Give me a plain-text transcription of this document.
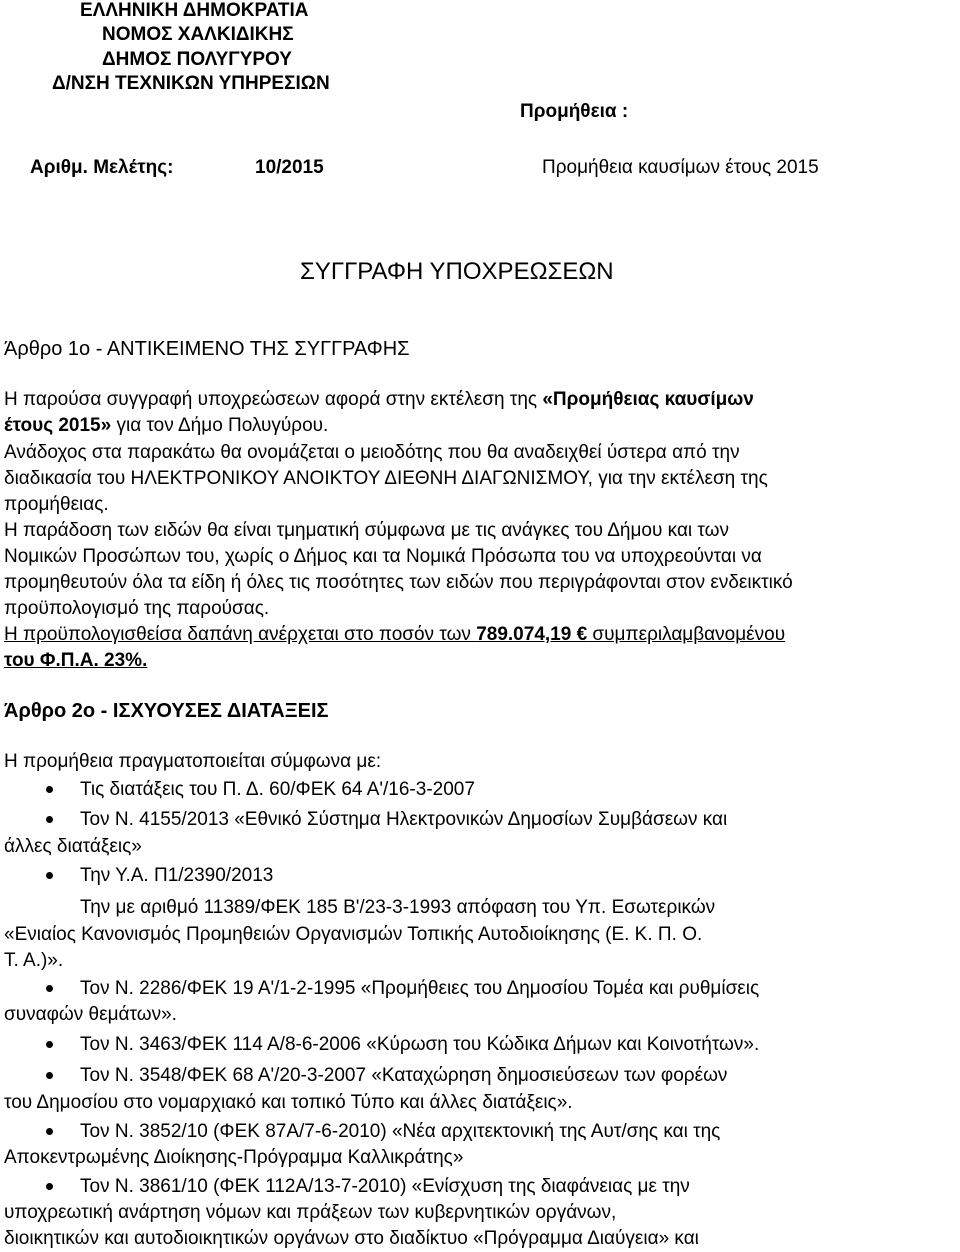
ΕΛΛΗΝΙΚΗ ΔΗΜΟΚΡΑΤΙΑ
ΝΟΜΟΣ ΧΑΛΚΙΔΙΚΗΣ
ΔΗΜΟΣ ΠΟΛΥΓΥΡΟΥ
Δ/ΝΣΗ ΤΕΧΝΙΚΩΝ ΥΠΗΡΕΣΙΩΝ
Προμήθεια :
Αριθμ. Μελέτης:	10/2015	Προμήθεια καυσίμων έτους 2015
ΣΥΓΓΡΑΦΗ ΥΠΟΧΡΕΩΣΕΩΝ
Άρθρο 1ο - ΑΝΤΙΚΕΙΜΕΝΟ ΤΗΣ ΣΥΓΓΡΑΦΗΣ
Η παρούσα συγγραφή υποχρεώσεων αφορά στην εκτέλεση της «Προμήθειας καυσίμων
έτους 2015» για τον Δήμο Πολυγύρου.
Ανάδοχος στα παρακάτω θα ονομάζεται ο μειοδότης που θα αναδειχθεί ύστερα από την
διαδικασία του ΗΛΕΚΤΡΟΝΙΚΟΥ ΑΝΟΙΚΤΟΥ ΔΙΕΘΝΗ ΔΙΑΓΩΝΙΣΜΟΥ, για την εκτέλεση της
προμήθειας.
Η παράδοση των ειδών θα είναι τμηματική σύμφωνα με τις ανάγκες του Δήμου και των
Νομικών Προσώπων του, χωρίς ο Δήμος και τα Νομικά Πρόσωπα του να υποχρεούνται να
προμηθευτούν όλα τα είδη ή όλες τις ποσότητες των ειδών που περιγράφονται στον ενδεικτικό
προϋπολογισμό της παρούσας.
Η προϋπολογισθείσα δαπάνη ανέρχεται στο ποσόν των 789.074,19 € συμπεριλαμβανομένου
του Φ.Π.Α. 23%.
Άρθρο 2ο - ΙΣΧΥΟΥΣΕΣ ΔΙΑΤΑΞΕΙΣ
Η προμήθεια πραγματοποιείται σύμφωνα με:
Τις διατάξεις του Π. Δ. 60/ΦΕΚ 64 Α'/16-3-2007
Τον Ν. 4155/2013 «Εθνικό Σύστημα Ηλεκτρονικών Δημοσίων Συμβάσεων και
άλλες διατάξεις»
Την Υ.Α. Π1/2390/2013
Την με αριθμό 11389/ΦΕΚ 185 Β'/23-3-1993 απόφαση του Υπ. Εσωτερικών
«Ενιαίος Κανονισμός Προμηθειών Οργανισμών Τοπικής Αυτοδιοίκησης (Ε. Κ. Π. Ο.
Τ. Α.)».
Τον Ν. 2286/ΦΕΚ 19 Α'/1-2-1995 «Προμήθειες του Δημοσίου Τομέα και ρυθμίσεις
συναφών θεμάτων».
Τον Ν. 3463/ΦΕΚ 114 Α/8-6-2006 «Κύρωση του Κώδικα Δήμων και Κοινοτήτων».
Τον Ν. 3548/ΦΕΚ 68 Α'/20-3-2007 «Καταχώρηση δημοσιεύσεων των φορέων
του Δημοσίου στο νομαρχιακό και τοπικό Τύπο και άλλες διατάξεις».
Τον Ν. 3852/10 (ΦΕΚ 87Α/7-6-2010) «Νέα αρχιτεκτονική της Αυτ/σης και της
Αποκεντρωμένης Διοίκησης-Πρόγραμμα Καλλικράτης»
Τον Ν. 3861/10 (ΦΕΚ 112Α/13-7-2010) «Ενίσχυση της διαφάνειας με την
υποχρεωτική ανάρτηση νόμων και πράξεων των κυβερνητικών οργάνων,
διοικητικών και αυτοδιοικητικών οργάνων στο διαδίκτυο «Πρόγραμμα Διαύγεια» και
